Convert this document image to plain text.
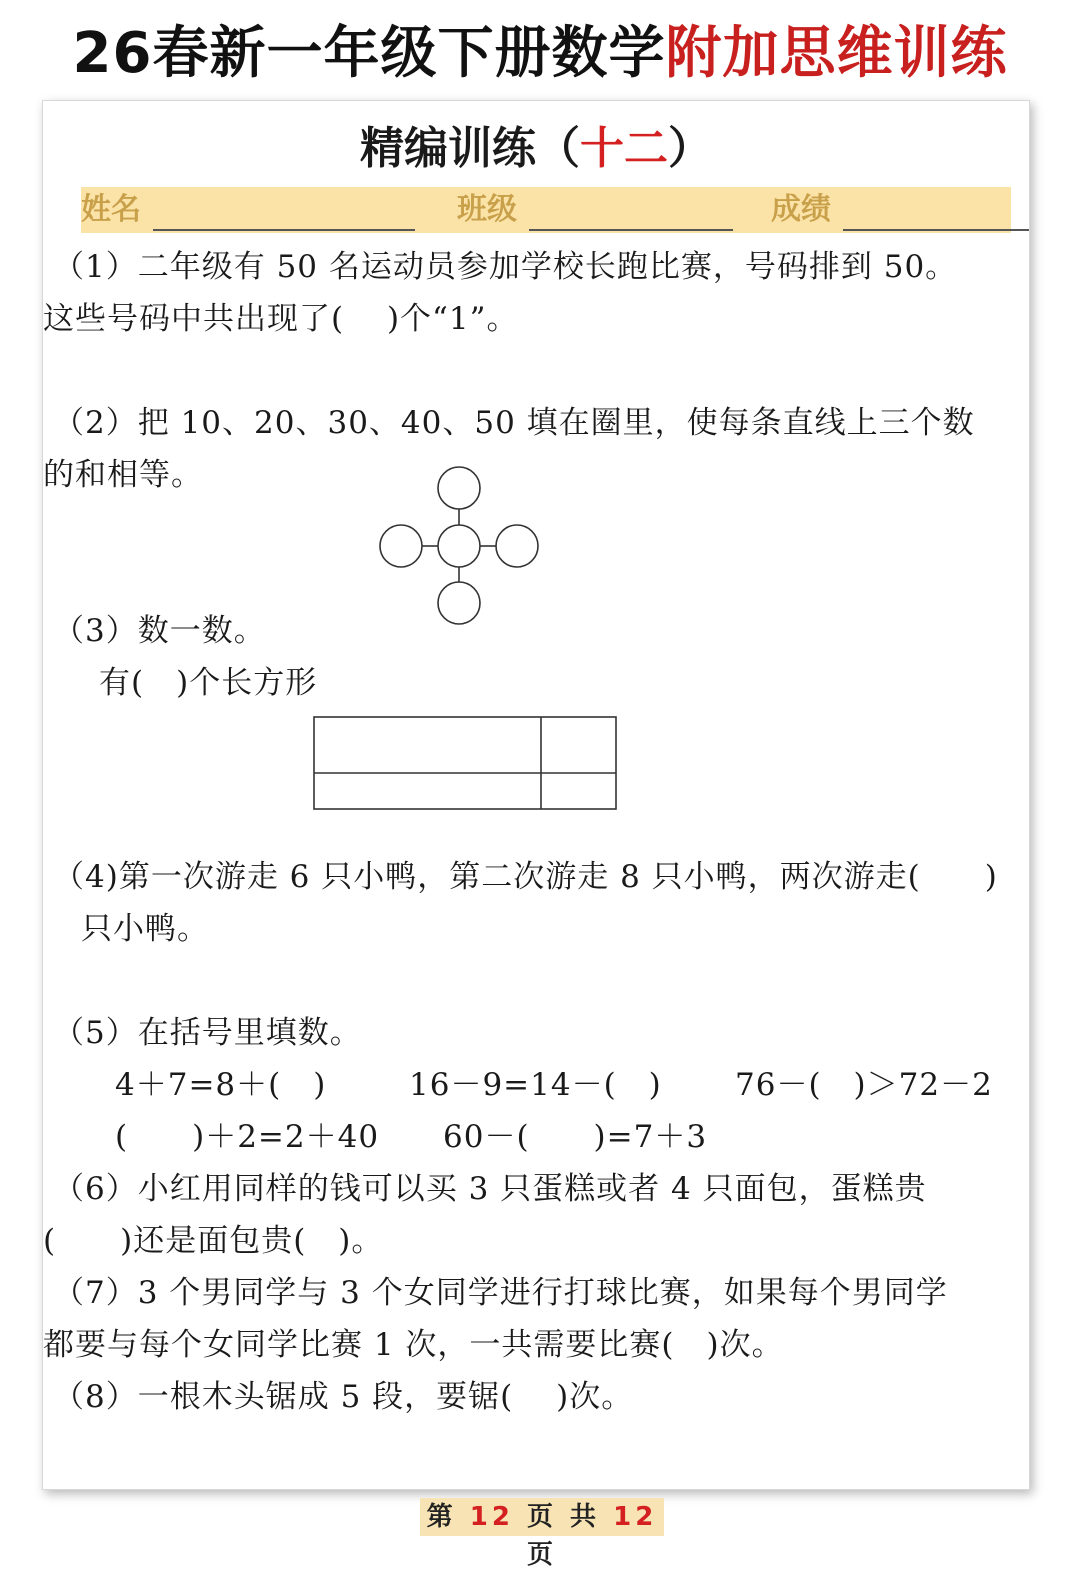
26春新一年级下册数学附加思维训练
精编训练（十二）
姓名	班级	成绩
（1）二年级有 50 名运动员参加学校长跑比赛，号码排到 50。
这些号码中共出现了(　 )个“1”。
（2）把 10、20、30、40、50 填在圈里，使每条直线上三个数
的和相等。
（3）数一数。
有(　)个长方形
（4)第一次游走 6 只小鸭，第二次游走 8 只小鸭，两次游走(　　)
只小鸭。
（5）在括号里填数。
4＋7=8＋(　)	16－9=14－(　) 76－(　)＞72－2
(　　)＋2=2＋40 60－(　　)=7＋3
（6）小红用同样的钱可以买 3 只蛋糕或者 4 只面包，蛋糕贵
(　　)还是面包贵(　)。
（7）3 个男同学与 3 个女同学进行打球比赛，如果每个男同学
都要与每个女同学比赛 1 次，一共需要比赛(　)次。
（8）一根木头锯成 5 段，要锯(　 )次。
第 12 页 共 12 页
